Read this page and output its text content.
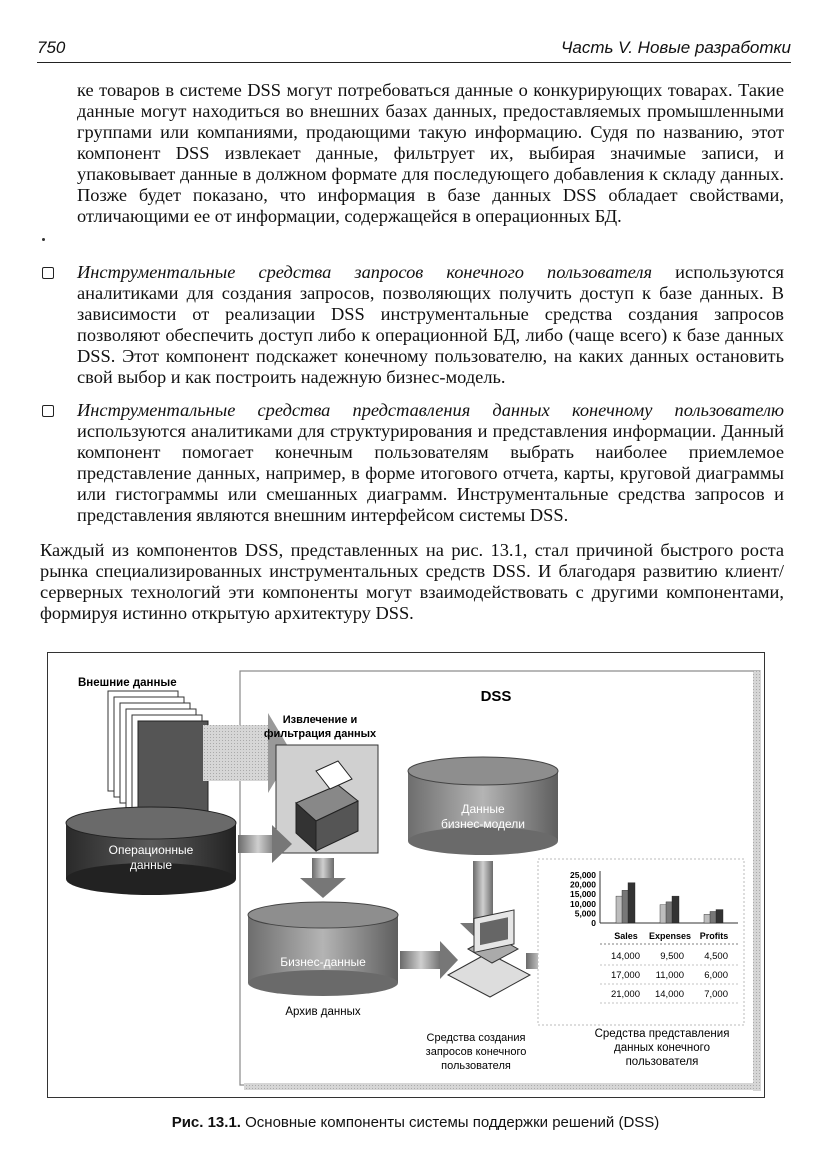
750	Часть V. Новые разработки

ке товаров в системе DSS могут потребоваться данные о конкурирующих товарах. Такие данные могут находиться во внешних базах данных, предоставляемых промышленными группами или компаниями, продающими такую информацию. Судя по названию, этот компонент DSS извлекает данные, фильтрует их, выбирая значимые записи, и упаковывает данные в должном формате для последующего добавления к складу данных. Позже будет показано, что информация в базе данных DSS обладает свойствами, отличающими ее от информации, содержащейся в операционных БД.

Инструментальные средства запросов конечного пользователя используются аналитиками для создания запросов, позволяющих получить доступ к базе данных. В зависимости от реализации DSS инструментальные средства создания запросов позволяют обеспечить доступ либо к операционной БД, либо (чаще всего) к базе данных DSS. Этот компонент подскажет конечному пользователю, на каких данных остановить свой выбор и как построить надежную бизнес-модель.

Инструментальные средства представления данных конечному пользователю используются аналитиками для структурирования и представления информации. Данный компонент помогает конечным пользователям выбрать наиболее приемлемое представление данных, например, в форме итогового отчета, карты, круговой диаграммы или гистограммы или смешанных диаграмм. Инструментальные средства запросов и представления являются внешним интерфейсом системы DSS.

Каждый из компонентов DSS, представленных на рис. 13.1, стал причиной быстрого роста рынка специализированных инструментальных средств DSS. И благодаря развитию клиент/серверных технологий эти компоненты могут взаимодействовать с другими компонентами, формируя истинно открытую архитектуру DSS.

DSS
Внешние данные
Извлечение и
фильтрация данных
Операционные
данные
Данные
бизнес-модели
Бизнес-данные
Архив данных
Средства создания
запросов конечного
пользователя
25,000
20,000
15,000
10,000
5,000
0
Sales Expenses Profits
14,000 9,500 4,500
17,000 11,000 6,000
21,000 14,000 7,000
Средства представления
данных конечного
пользователя
Рис. 13.1. Основные компоненты системы поддержки решений (DSS)
